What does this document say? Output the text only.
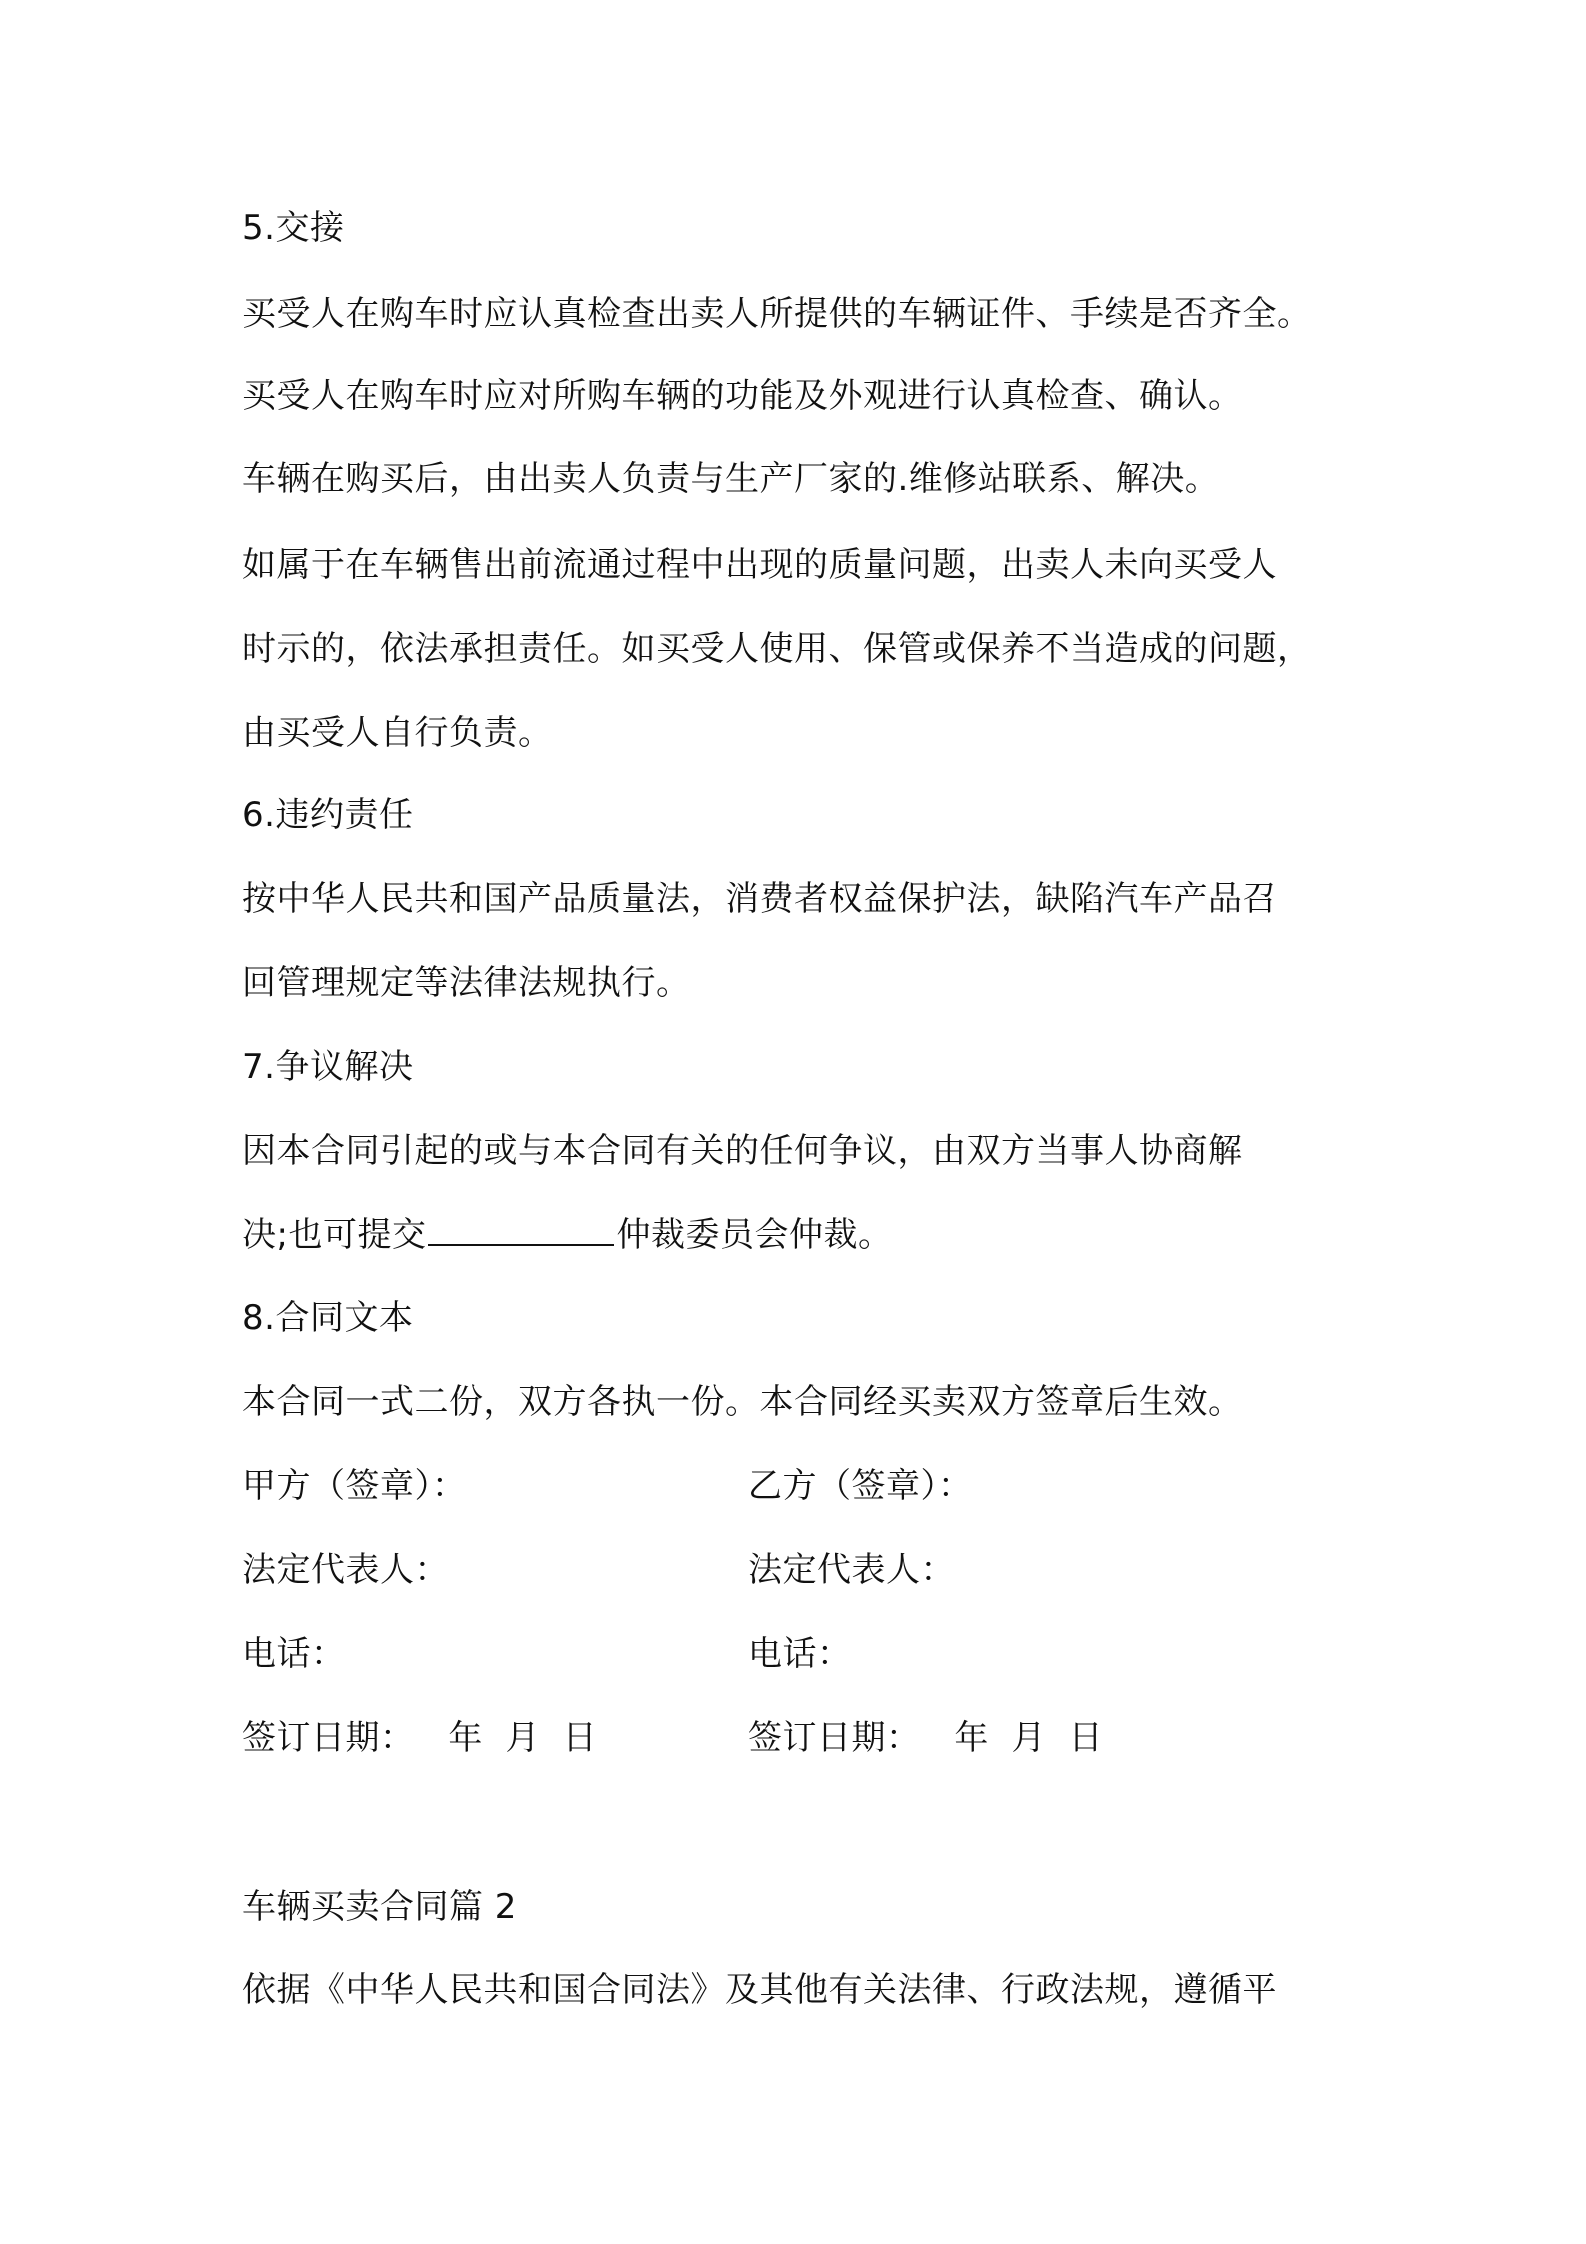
5.交接
买受人在购车时应认真检查出卖人所提供的车辆证件、手续是否齐全。
买受人在购车时应对所购车辆的功能及外观进行认真检查、确认。
车辆在购买后，由出卖人负责与生产厂家的.维修站联系、解决。
如属于在车辆售出前流通过程中出现的质量问题，出卖人未向买受人
时示的，依法承担责任。如买受人使用、保管或保养不当造成的问题，
由买受人自行负责。
6.违约责任
按中华人民共和国产品质量法，消费者权益保护法，缺陷汽车产品召
回管理规定等法律法规执行。
7.争议解决
因本合同引起的或与本合同有关的任何争议，由双方当事人协商解
决;也可提交	仲裁委员会仲裁。
8.合同文本
本合同一式二份，双方各执一份。本合同经买卖双方签章后生效。
甲方（签章）：
法定代表人：
电话：
签订日期：   年  月  日
乙方（签章）：
法定代表人：
电话：
签订日期：   年  月  日
车辆买卖合同篇 2
依据《中华人民共和国合同法》及其他有关法律、行政法规，遵循平
